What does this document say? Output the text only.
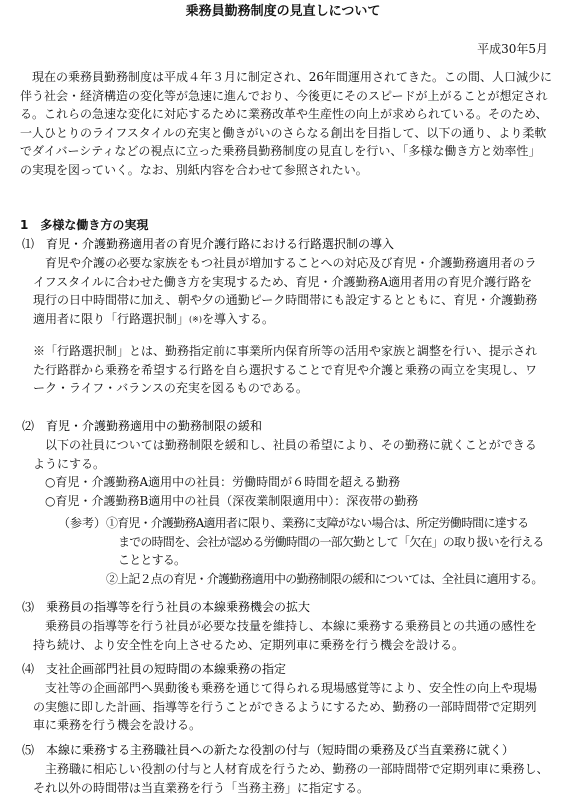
乗務員勤務制度の見直しについて
平成30年5月
現在の乗務員勤務制度は平成４年３月に制定され、26年間運用されてきた。この間、人口減少に
伴う社会・経済構造の変化等が急速に進んでおり、今後更にそのスピードが上がることが想定され
る。これらの急速な変化に対応するために業務改革や生産性の向上が求められている。そのため、
一人ひとりのライフスタイルの充実と働きがいのさらなる創出を目指して、以下の通り、より柔軟
でダイバーシティなどの視点に立った乗務員勤務制度の見直しを行い、「多様な働き方と効率性」
の実現を図っていく。なお、別紙内容を合わせて参照されたい。
1　多様な働き方の実現
⑴　育児・介護勤務適用者の育児介護行路における行路選択制の導入
育児や介護の必要な家族をもつ社員が増加することへの対応及び育児・介護勤務適用者のラ
イフスタイルに合わせた働き方を実現するため、育児・介護勤務A適用者用の育児介護行路を
現行の日中時間帯に加え、朝や夕の通勤ピーク時間帯にも設定するとともに、育児・介護勤務
適用者に限り「行路選択制」(※)を導入する。
※「行路選択制」とは、勤務指定前に事業所内保育所等の活用や家族と調整を行い、提示され
た行路群から乗務を希望する行路を自ら選択することで育児や介護と乗務の両立を実現し、ワ
ーク・ライフ・バランスの充実を図るものである。
⑵　育児・介護勤務適用中の勤務制限の緩和
以下の社員については勤務制限を緩和し、社員の希望により、その勤務に就くことができる
ようにする。
○育児・介護勤務A適用中の社員：労働時間が６時間を超える勤務
○育児・介護勤務B適用中の社員（深夜業制限適用中）：深夜帯の勤務
（参考） ①育児・介護勤務A適用者に限り、業務に支障がない場合は、所定労働時間に達する
までの時間を、会社が認める労働時間の一部欠勤として「欠在」の取り扱いを行える
こととする。
②上記２点の育児・介護勤務適用中の勤務制限の緩和については、全社員に適用する。
⑶　乗務員の指導等を行う社員の本線乗務機会の拡大
乗務員の指導等を行う社員が必要な技量を維持し、本線に乗務する乗務員との共通の感性を
持ち続け、より安全性を向上させるため、定期列車に乗務を行う機会を設ける。
⑷　支社企画部門社員の短時間の本線乗務の指定
支社等の企画部門へ異動後も乗務を通じて得られる現場感覚等により、安全性の向上や現場
の実態に即した計画、指導等を行うことができるようにするため、勤務の一部時間帯で定期列
車に乗務を行う機会を設ける。
⑸　本線に乗務する主務職社員への新たな役割の付与（短時間の乗務及び当直業務に就く）
主務職に相応しい役割の付与と人材育成を行うため、勤務の一部時間帯で定期列車に乗務し、
それ以外の時間帯は当直業務を行う「当務主務」に指定する。
